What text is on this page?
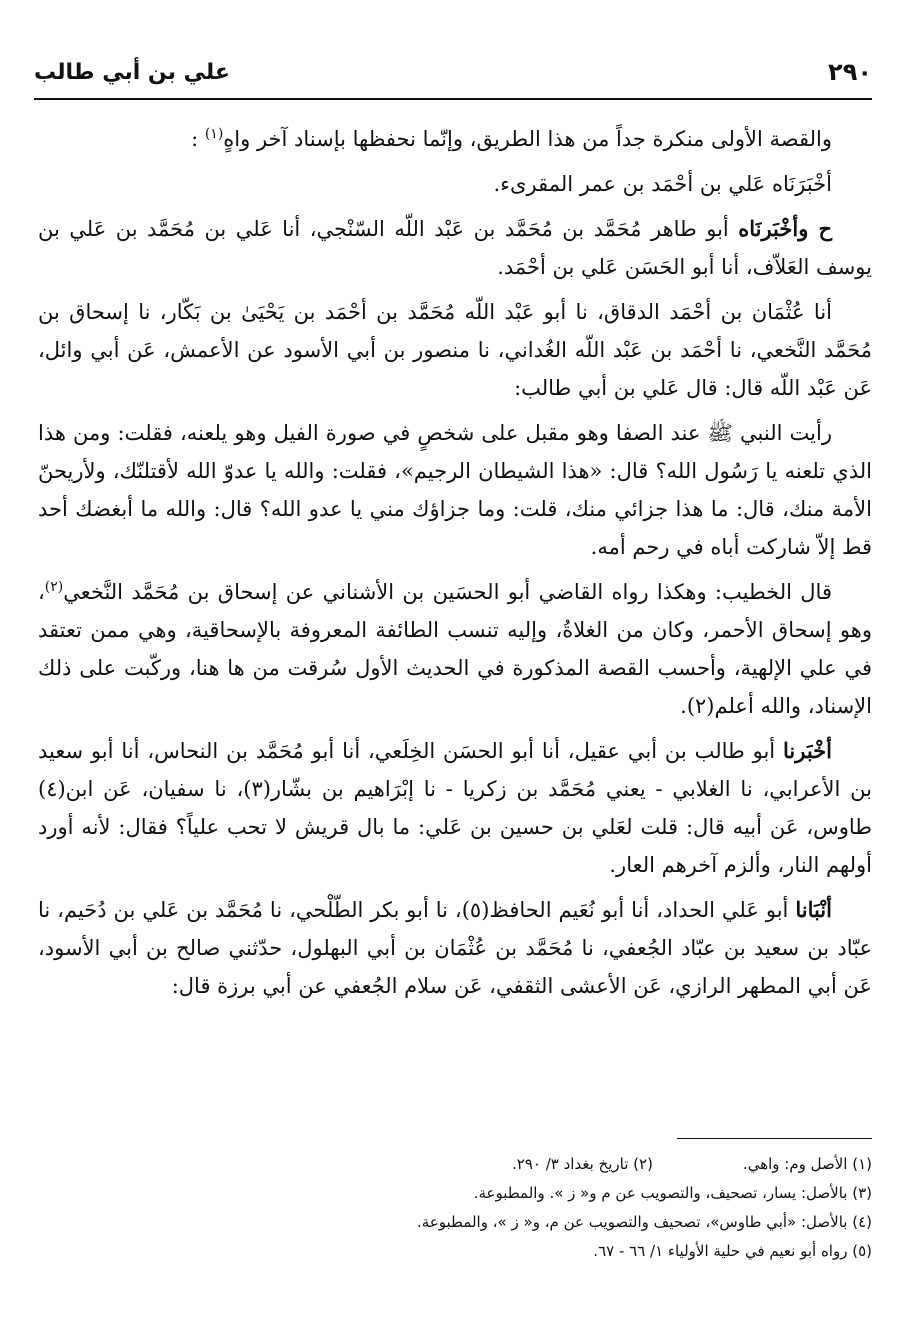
علي بن أبي طالب	٢٩٠

والقصة الأولى منكرة جداً من هذا الطريق، وإنّما نحفظها بإسناد آخر واهٍ$^{(١)}$ :

أخْبَرَنَاه عَلي بن أحْمَد بن عمر المقرىء.

ح وأخْبَرنَاه أبو طاهر مُحَمَّد بن مُحَمَّد بن عَبْد اللّه السّنْجي، أنا عَلي بن مُحَمَّد بن عَلي بن يوسف العَلاّف، أنا أبو الحَسَن عَلي بن أحْمَد.

أنا عُثْمَان بن أحْمَد الدقاق، نا أبو عَبْد اللّه مُحَمَّد بن أحْمَد بن يَحْيَىٰ بن بَكّار، نا إسحاق بن مُحَمَّد النَّخعي، نا أحْمَد بن عَبْد اللّه الغُداني، نا منصور بن أبي الأسود عن الأعمش، عَن أبي وائل، عَن عَبْد اللّه قال: قال عَلي بن أبي طالب:

رأيت النبي ﷺ عند الصفا وهو مقبل على شخصٍ في صورة الفيل وهو يلعنه، فقلت: ومن هذا الذي تلعنه يا رَسُول الله؟ قال: «هذا الشيطان الرجيم»، فقلت: والله يا عدوّ الله لأقتلنّك، ولأريحنّ الأمة منك، قال: ما هذا جزائي منك، قلت: وما جزاؤك مني يا عدو الله؟ قال: والله ما أبغضك أحد قط إلاّ شاركت أباه في رحم أمه.

قال الخطيب: وهكذا رواه القاضي أبو الحسَين بن الأشناني عن إسحاق بن مُحَمَّد النَّخعي$^{(٢)}$، وهو إسحاق الأحمر، وكان من الغلاةُ، وإليه تنسب الطائفة المعروفة بالإسحاقية، وهي ممن تعتقد في علي الإلهية، وأحسب القصة المذكورة في الحديث الأول سُرقت من ها هنا، وركّبت على ذلك الإسناد، والله أعلم(٢).

أخْبَرنا أبو طالب بن أبي عقيل، أنا أبو الحسَن الخِلَعي، أنا أبو مُحَمَّد بن النحاس، أنا أبو سعيد بن الأعرابي، نا الغلابي - يعني مُحَمَّد بن زكريا - نا إبْرَاهيم بن بشّار(٣)، نا سفيان، عَن ابن(٤) طاوس، عَن أبيه قال: قلت لعَلي بن حسين بن عَلي: ما بال قريش لا تحب علياً؟ فقال: لأنه أورد أولهم النار، وألزم آخرهم العار.

أنْبَانا أبو عَلي الحداد، أنا أبو نُعَيم الحافظ(٥)، نا أبو بكر الطّلْحي، نا مُحَمَّد بن عَلي بن دُحَيم، نا عبّاد بن سعيد بن عبّاد الجُعفي، نا مُحَمَّد بن عُثْمَان بن أبي البهلول، حدّثني صالح بن أبي الأسود، عَن أبي المطهر الرازي، عَن الأعشى الثقفي، عَن سلام الجُعفي عن أبي برزة قال:

(١) الأصل وم: واهي.(٢) تاريخ بغداد ٣/ ٢٩٠.
(٣) بالأصل: يسار، تصحيف، والتصويب عن م و« ز ». والمطبوعة.
(٤) بالأصل: «أبي طاوس»، تصحيف والتصويب عن م، و« ز »، والمطبوعة.
(٥) رواه أبو نعيم في حلية الأولياء ١/ ٦٦ - ٦٧.
